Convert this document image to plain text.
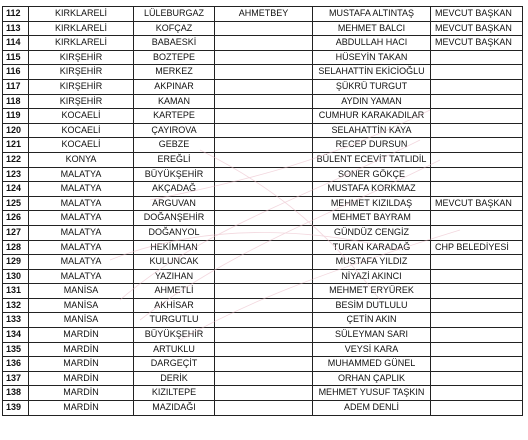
112	KIRKLARELİ	LÜLEBURGAZ	AHMETBEY	MUSTAFA ALTINTAŞ	MEVCUT BAŞKAN
113	KIRKLARELİ	KOFÇAZ		MEHMET BALCI	MEVCUT BAŞKAN
114	KIRKLARELİ	BABAESKİ		ABDULLAH HACI	MEVCUT BAŞKAN
115	KIRŞEHİR	BOZTEPE		HÜSEYİN TAKAN	
116	KIRŞEHİR	MERKEZ		SELAHATTİN EKİCİOĞLU	
117	KIRŞEHİR	AKPINAR		ŞÜKRÜ TURGUT	
118	KIRŞEHİR	KAMAN		AYDIN YAMAN	
119	KOCAELİ	KARTEPE		CUMHUR KARAKADILAR	
120	KOCAELİ	ÇAYIROVA		SELAHATTİN KAYA	
121	KOCAELİ	GEBZE		RECEP DURSUN	
122	KONYA	EREĞLİ		BÜLENT ECEVİT TATLIDİL	
123	MALATYA	BÜYÜKŞEHİR		SONER GÖKÇE	
124	MALATYA	AKÇADAĞ		MUSTAFA KORKMAZ	
125	MALATYA	ARGUVAN		MEHMET KIZILDAŞ	MEVCUT BAŞKAN
126	MALATYA	DOĞANŞEHİR		MEHMET BAYRAM	
127	MALATYA	DOĞANYOL		GÜNDÜZ CENGİZ	
128	MALATYA	HEKİMHAN		TURAN KARADAĞ	CHP BELEDİYESİ
129	MALATYA	KULUNCAK		MUSTAFA YILDIZ	
130	MALATYA	YAZIHAN		NİYAZİ AKINCI	
131	MANİSA	AHMETLİ		MEHMET ERYÜREK	
132	MANİSA	AKHİSAR		BESİM DUTLULU	
133	MANİSA	TURGUTLU		ÇETİN AKIN	
134	MARDİN	BÜYÜKŞEHİR		SÜLEYMAN SARI	
135	MARDİN	ARTUKLU		VEYSİ KARA	
136	MARDİN	DARGEÇİT		MUHAMMED GÜNEL	
137	MARDİN	DERİK		ORHAN ÇAPLIK	
138	MARDİN	KIZILTEPE		MEHMET YUSUF TAŞKIN	
139	MARDİN	MAZIDAĞI		ADEM DENLİ	
